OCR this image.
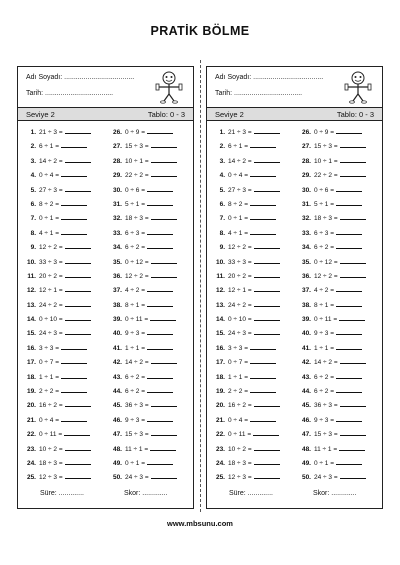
PRATİK BÖLME
Adı Soyadı: ....................................
Tarih: ...................................
Seviye 2	Tablo: 0 - 3
1. 21 ÷ 3 =
2. 6 ÷ 1 =
3. 14 ÷ 2 =
4. 0 ÷ 4 =
5. 27 ÷ 3 =
6. 8 ÷ 2 =
7. 0 ÷ 1 =
8. 4 ÷ 1 =
9. 12 ÷ 2 =
10. 33 ÷ 3 =
11. 20 ÷ 2 =
12. 12 ÷ 1 =
13. 24 ÷ 2 =
14. 0 ÷ 10 =
15. 24 ÷ 3 =
16. 3 ÷ 3 =
17. 0 ÷ 7 =
18. 1 ÷ 1 =
19. 2 ÷ 2 =
20. 16 ÷ 2 =
21. 0 ÷ 4 =
22. 0 ÷ 11 =
23. 10 ÷ 2 =
24. 18 ÷ 3 =
25. 12 ÷ 3 =
26. 0 ÷ 9 =
27. 15 ÷ 3 =
28. 10 ÷ 1 =
29. 22 ÷ 2 =
30. 0 ÷ 6 =
31. 5 ÷ 1 =
32. 18 ÷ 3 =
33. 6 ÷ 3 =
34. 6 ÷ 2 =
35. 0 ÷ 12 =
36. 12 ÷ 2 =
37. 4 ÷ 2 =
38. 8 ÷ 1 =
39. 0 ÷ 11 =
40. 9 ÷ 3 =
41. 1 ÷ 1 =
42. 14 ÷ 2 =
43. 6 ÷ 2 =
44. 6 ÷ 2 =
45. 36 ÷ 3 =
46. 9 ÷ 3 =
47. 15 ÷ 3 =
48. 11 ÷ 1 =
49. 0 ÷ 1 =
50. 24 ÷ 3 =
Süre: .............	Skor: .............
Adı Soyadı: ....................................
Tarih: ...................................
Seviye 2	Tablo: 0 - 3
1. 21 ÷ 3 =
2. 6 ÷ 1 =
3. 14 ÷ 2 =
4. 0 ÷ 4 =
5. 27 ÷ 3 =
6. 8 ÷ 2 =
7. 0 ÷ 1 =
8. 4 ÷ 1 =
9. 12 ÷ 2 =
10. 33 ÷ 3 =
11. 20 ÷ 2 =
12. 12 ÷ 1 =
13. 24 ÷ 2 =
14. 0 ÷ 10 =
15. 24 ÷ 3 =
16. 3 ÷ 3 =
17. 0 ÷ 7 =
18. 1 ÷ 1 =
19. 2 ÷ 2 =
20. 16 ÷ 2 =
21. 0 ÷ 4 =
22. 0 ÷ 11 =
23. 10 ÷ 2 =
24. 18 ÷ 3 =
25. 12 ÷ 3 =
26. 0 ÷ 9 =
27. 15 ÷ 3 =
28. 10 ÷ 1 =
29. 22 ÷ 2 =
30. 0 ÷ 6 =
31. 5 ÷ 1 =
32. 18 ÷ 3 =
33. 6 ÷ 3 =
34. 6 ÷ 2 =
35. 0 ÷ 12 =
36. 12 ÷ 2 =
37. 4 ÷ 2 =
38. 8 ÷ 1 =
39. 0 ÷ 11 =
40. 9 ÷ 3 =
41. 1 ÷ 1 =
42. 14 ÷ 2 =
43. 6 ÷ 2 =
44. 6 ÷ 2 =
45. 36 ÷ 3 =
46. 9 ÷ 3 =
47. 15 ÷ 3 =
48. 11 ÷ 1 =
49. 0 ÷ 1 =
50. 24 ÷ 3 =
Süre: .............	Skor: .............
www.mbsunu.com
